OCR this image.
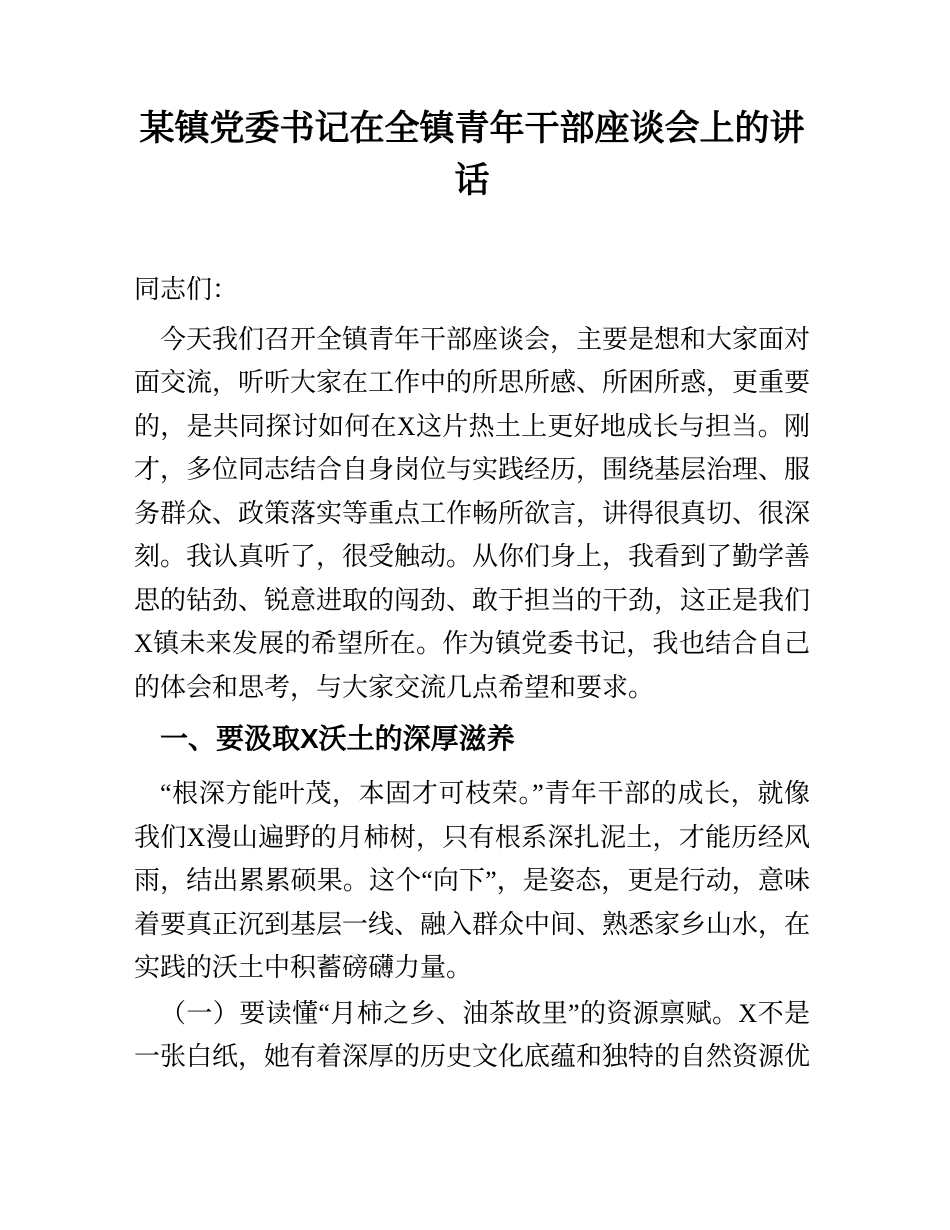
某镇党委书记在全镇青年干部座谈会上的讲话

同志们：

今天我们召开全镇青年干部座谈会，主要是想和大家面对面交流，听听大家在工作中的所思所感、所困所惑，更重要的，是共同探讨如何在X这片热土上更好地成长与担当。刚才，多位同志结合自身岗位与实践经历，围绕基层治理、服务群众、政策落实等重点工作畅所欲言，讲得很真切、很深刻。我认真听了，很受触动。从你们身上，我看到了勤学善思的钻劲、锐意进取的闯劲、敢于担当的干劲，这正是我们X镇未来发展的希望所在。作为镇党委书记，我也结合自己的体会和思考，与大家交流几点希望和要求。

一、要汲取X沃土的深厚滋养

“根深方能叶茂，本固才可枝荣。”青年干部的成长，就像我们X漫山遍野的月柿树，只有根系深扎泥土，才能历经风雨，结出累累硕果。这个“向下”，是姿态，更是行动，意味着要真正沉到基层一线、融入群众中间、熟悉家乡山水，在实践的沃土中积蓄磅礴力量。

（一）要读懂“月柿之乡、油茶故里”的资源禀赋。X不是一张白纸，她有着深厚的历史文化底蕴和独特的自然资源优
